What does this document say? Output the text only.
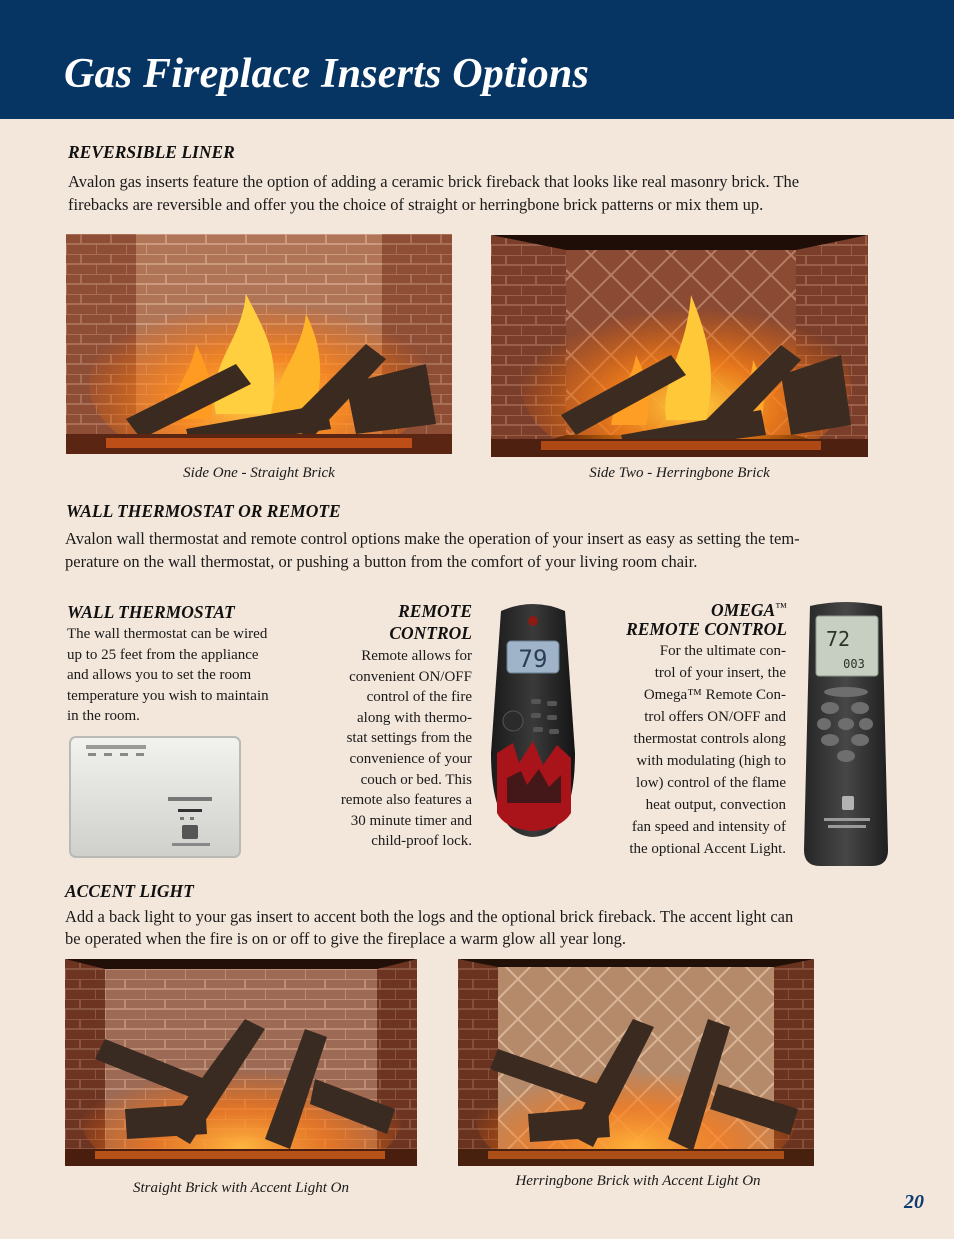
Gas Fireplace Inserts Options
REVERSIBLE LINER

Avalon gas inserts feature the option of adding a ceramic brick fireback that looks like real masonry brick. The

firebacks are reversible and offer you the choice of straight or herringbone brick patterns or mix them up.

Side One - Straight Brick	Side Two - Herringbone Brick
WALL THERMOSTAT OR REMOTE

Avalon wall thermostat and remote control options make the operation of your insert as easy as setting the tem-

perature on the wall thermostat, or pushing a button from the comfort of your living room chair.

WALL THERMOSTAT

The wall thermostat can be wired

up to 25 feet from the appliance

and allows you to set the room

temperature you wish to maintain

in the room.

REMOTE
CONTROL

Remote allows for

convenient ON/OFF

control of the fire

along with thermo-

stat settings from the

convenience of your

couch or bed. This

remote also features a

30 minute timer and

child-proof lock.

79
OMEGA™
REMOTE CONTROL

For the ultimate con-

trol of your insert, the

Omega™ Remote Con-

trol offers ON/OFF and

thermostat controls along

with modulating (high to

low) control of the flame

heat output, convection

fan speed and intensity of

the optional Accent Light.

72
003
ACCENT LIGHT

Add a back light to your gas insert to accent both the logs and the optional brick fireback. The accent light can

be operated when the fire is on or off to give the fireplace a warm glow all year long.

Straight Brick with Accent Light On	Herringbone Brick with Accent Light On
20
